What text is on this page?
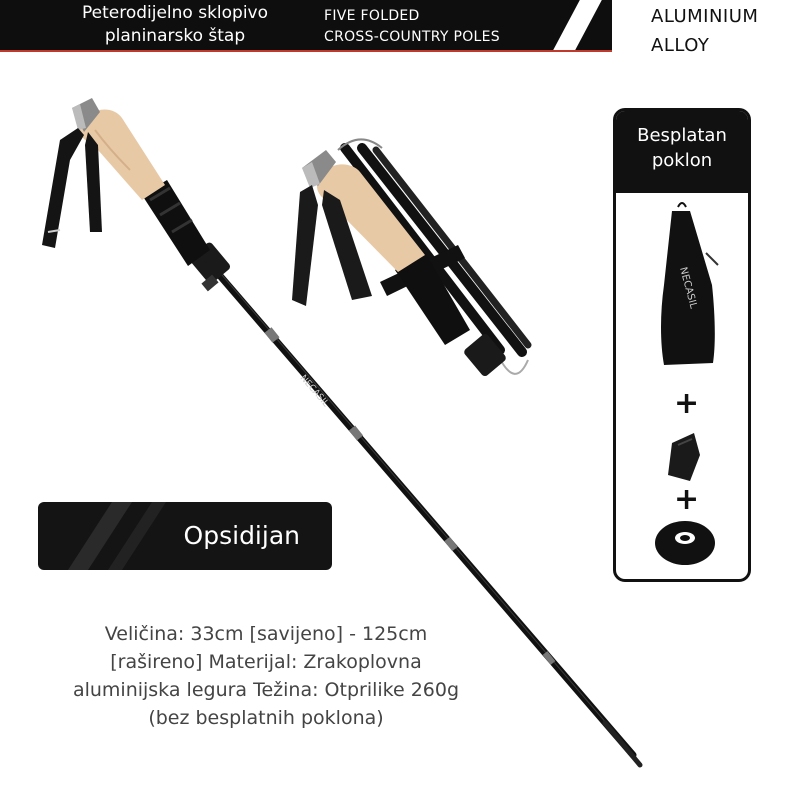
Peterodijelno sklopivo
planinarsko štap
FIVE FOLDED
CROSS-COUNTRY POLES
ALUMINIUM
ALLOY
NECASIL
Besplatan
poklon
NECASIL
+
+
Opsidijan
Veličina: 33cm [savijeno] - 125cm
[rašireno] Materijal: Zrakoplovna
aluminijska legura Težina: Otprilike 260g
(bez besplatnih poklona)
